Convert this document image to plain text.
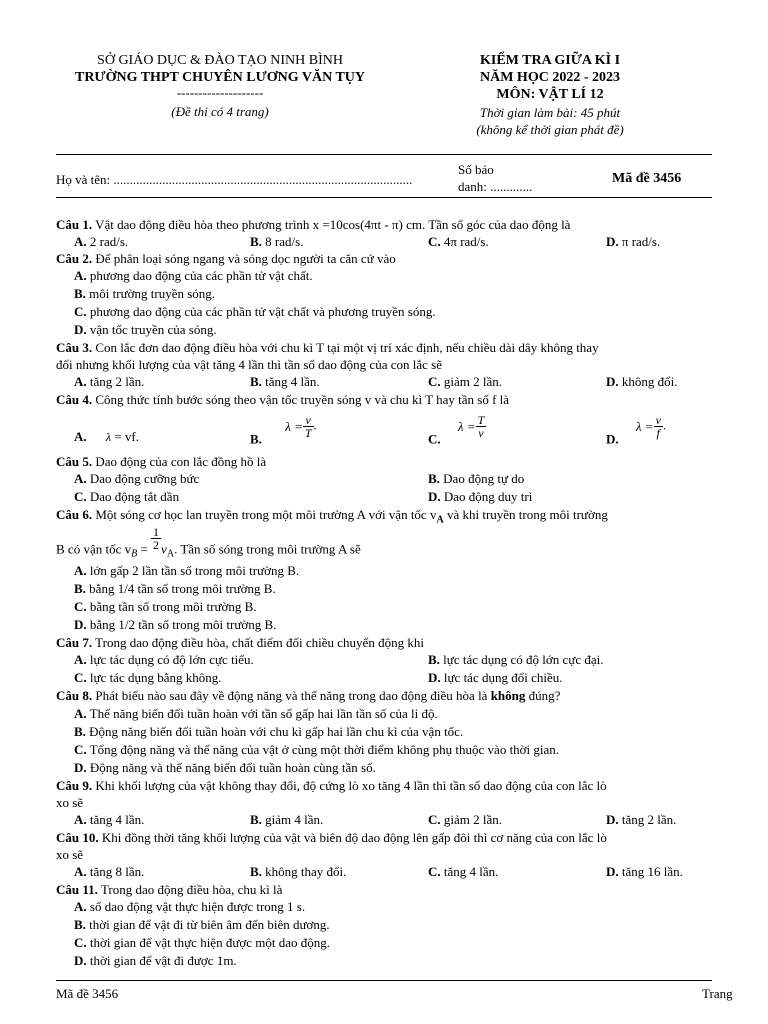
SỞ GIÁO DỤC & ĐÀO TẠO NINH BÌNH
TRƯỜNG THPT CHUYÊN LƯƠNG VĂN TỤY
--------------------
(Đề thi có 4 trang)
KIỂM TRA GIỮA KÌ I
NĂM HỌC 2022 - 2023
MÔN: VẬT LÍ 12
Thời gian làm bài: 45 phút
(không kể thời gian phát đề)
Họ và tên: ............................................................................................
Số báo
danh: .............
Mã đề 3456
Câu 1. Vật dao động điều hòa theo phương trình x =10cos(4πt - π) cm. Tần số góc của dao động là
A. 2 rad/s.	B. 8 rad/s.	C. 4π rad/s.	D. π rad/s.
Câu 2. Để phân loại sóng ngang và sóng dọc người ta căn cứ vào
A. phương dao động của các phần tử vật chất.
B. môi trường truyền sóng.
C. phương dao động của các phần tử vật chất và phương truyền sóng.
D. vận tốc truyền của sóng.
Câu 3. Con lắc đơn dao động điều hòa với chu kì T tại một vị trí xác định, nếu chiều dài dây không thay
đổi nhưng khối lượng của vật tăng 4 lần thì tần số dao động của con lắc sẽ
A. tăng 2 lần.	B. tăng 4 lần.	C. giảm 2 lần.	D. không đổi.
Câu 4. Công thức tính bước sóng theo vận tốc truyền sóng v và chu kì T hay tần số f là
A. λ = vf.	B. $\lambda = \frac{v}{T}$ .
C. $\lambda = \frac{T}{v}$	D. $\lambda = \frac{v}{f}$ .
Câu 5. Dao động của con lắc đồng hồ là
A. Dao động cưỡng bức	B. Dao động tự do
C. Dao động tắt dần	D. Dao động duy trì
Câu 6. Một sóng cơ học lan truyền trong một môi trường A với vận tốc $v_A$ và khi truyền trong môi trường
B có vận tốc $v_B = \frac{1}{2} v_A$. Tần số sóng trong môi trường A sẽ
A. lớn gấp 2 lần tần số trong môi trường B.
B. bằng 1/4 tần số trong môi trường B.
C. bằng tần số trong môi trường B.
D. bằng 1/2 tần số trong môi trường B.
Câu 7. Trong dao động điều hòa, chất điểm đổi chiều chuyển động khi
A. lực tác dụng có độ lớn cực tiểu.	B. lực tác dụng có độ lớn cực đại.
C. lực tác dụng bằng không.	D. lực tác dụng đổi chiều.
Câu 8. Phát biểu nào sau đây về động năng và thế năng trong dao động điều hòa là không đúng?
A. Thế năng biến đổi tuần hoàn với tần số gấp hai lần tần số của li độ.
B. Động năng biến đổi tuần hoàn với chu kì gấp hai lần chu kì của vận tốc.
C. Tổng động năng và thế năng của vật ở cùng một thời điểm không phụ thuộc vào thời gian.
D. Động năng và thế năng biến đổi tuần hoàn cùng tần số.
Câu 9. Khi khối lượng của vật không thay đổi, độ cứng lò xo tăng 4 lần thì tần số dao động của con lắc lò
xo sẽ
A. tăng 4 lần.	B. giảm 4 lần.	C. giảm 2 lần.	D. tăng 2 lần.
Câu 10. Khi đồng thời tăng khối lượng của vật và biên độ dao động lên gấp đôi thì cơ năng của con lắc lò
xo sẽ
A. tăng 8 lần.	B. không thay đổi.	C. tăng 4 lần.	D. tăng 16 lần.
Câu 11. Trong dao động điều hòa, chu kì là
A. số dao động vật thực hiện được trong 1 s.
B. thời gian để vật đi từ biên âm đến biên dương.
C. thời gian để vật thực hiện được một dao động.
D. thời gian để vật đi được 1m.
Mã đề 3456	Trang
